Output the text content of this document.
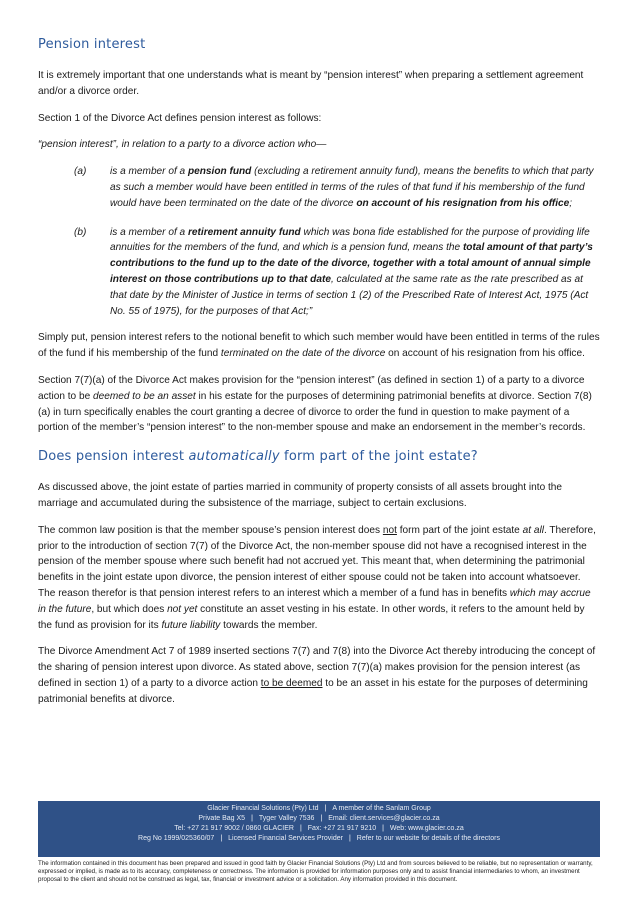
Pension interest

It is extremely important that one understands what is meant by “pension interest” when preparing a settlement agreement and/or a divorce order.

Section 1 of the Divorce Act defines pension interest as follows:

“pension interest”, in relation to a party to a divorce action who—

(a) is a member of a pension fund (excluding a retirement annuity fund), means the benefits to which that party as such a member would have been entitled in terms of the rules of that fund if his membership of the fund would have been terminated on the date of the divorce on account of his resignation from his office;
(b) is a member of a retirement annuity fund which was bona fide established for the purpose of providing life annuities for the members of the fund, and which is a pension fund, means the total amount of that party’s contributions to the fund up to the date of the divorce, together with a total amount of annual simple interest on those contributions up to that date, calculated at the same rate as the rate prescribed as at that date by the Minister of Justice in terms of section 1 (2) of the Prescribed Rate of Interest Act, 1975 (Act No. 55 of 1975), for the purposes of that Act;”

Simply put, pension interest refers to the notional benefit to which such member would have been entitled in terms of the rules of the fund if his membership of the fund terminated on the date of the divorce on account of his resignation from his office.

Section 7(7)(a) of the Divorce Act makes provision for the “pension interest” (as defined in section 1) of a party to a divorce action to be deemed to be an asset in his estate for the purposes of determining patrimonial benefits at divorce. Section 7(8)(a) in turn specifically enables the court granting a decree of divorce to order the fund in question to make payment of a portion of the member’s “pension interest” to the non-member spouse and make an endorsement in the member’s records.

Does pension interest automatically form part of the joint estate?

As discussed above, the joint estate of parties married in community of property consists of all assets brought into the marriage and accumulated during the subsistence of the marriage, subject to certain exclusions.

The common law position is that the member spouse’s pension interest does not form part of the joint estate at all. Therefore, prior to the introduction of section 7(7) of the Divorce Act, the non-member spouse did not have a recognised interest in the pension of the member spouse where such benefit had not accrued yet. This meant that, when determining the patrimonial benefits in the joint estate upon divorce, the pension interest of either spouse could not be taken into account whatsoever. The reason therefor is that pension interest refers to an interest which a member of a fund has in benefits which may accrue in the future, but which does not yet constitute an asset vesting in his estate. In other words, it refers to the amount held by the fund as provision for its future liability towards the member.

The Divorce Amendment Act 7 of 1989 inserted sections 7(7) and 7(8) into the Divorce Act thereby introducing the concept of the sharing of pension interest upon divorce. As stated above, section 7(7)(a) makes provision for the pension interest (as defined in section 1) of a party to a divorce action to be deemed to be an asset in his estate for the purposes of determining patrimonial benefits at divorce.

Glacier Financial Solutions (Pty) Ltd | A member of the Sanlam Group
Private Bag X5 | Tyger Valley 7536 | Email: client.services@glacier.co.za
Tel: +27 21 917 9002 / 0860 GLACIER | Fax: +27 21 917 9210 | Web: www.glacier.co.za
Reg No 1999/025360/07 | Licensed Financial Services Provider | Refer to our website for details of the directors
The information contained in this document has been prepared and issued in good faith by Glacier Financial Solutions (Pty) Ltd and from sources believed to be reliable, but no representation or warranty, expressed or implied, is made as to its accuracy, completeness or correctness. The information is provided for information purposes only and to assist financial intermediaries to whom, an investment proposal to the client and should not be construed as legal, tax, financial or investment advice or a solicitation. Any information provided in this document.
